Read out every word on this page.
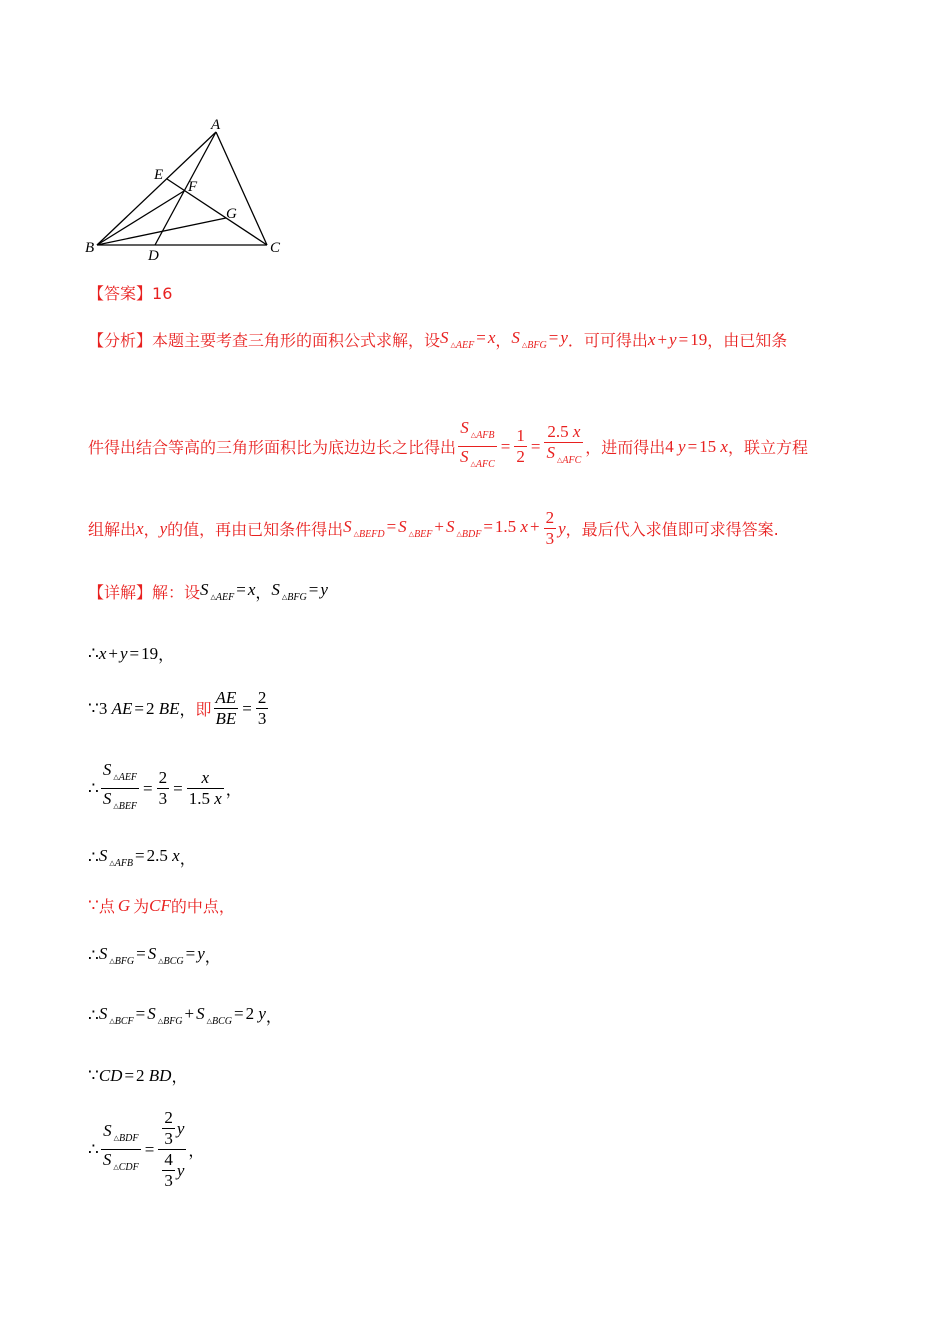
A
B	C
D
E
F
G
【答案】16
【分析】 本题主要考查三角形的面积公式求解，设 S $_{\triangle AEF}$ = x ， S $_{\triangle BFG}$ = y ．可可得出 x + y = 19 ，由已知条
件得出结合等高的三角形面积比为底边边长之比得出 $\frac{S _{\triangle AFB}}{S _{\triangle AFC}} = \frac{1}{2} = \frac{2.5 x}{S _{\triangle AFC}}$ ，进而得出 4 y = 15 x ，联立方程
组解出 x ， y 的值，再由已知条件得出 S $_{\triangle BEFD}$ = S $_{\triangle BEF}$ + S $_{\triangle BDF}$ = 1.5 $x + \frac{2}{3}$ y ，最后代入求值即可求得答案.
【详解】 解：设 S $_{\triangle AEF}$ = x ， S $_{\triangle BFG}$ = y
∴ x + y = 19 ，
∵ 3 AE = 2 BE ， 即 $\frac{AE}{BE} = \frac{2}{3}$
∴ $\frac{S _{\triangle AEF}}{S _{\triangle BEF}} = \frac{2}{3} = \frac{x}{1.5 x}$ ，
∴ S $_{\triangle AFB}$ = 2.5 x ，
∵ 点 G 为 CF 的中点，
∴ S $_{\triangle BFG}$ = S $_{\triangle BCG}$ = y ，
∴ S $_{\triangle BCF}$ = S $_{\triangle BFG}$ + S $_{\triangle BCG}$ = 2 y ，
∵ CD = 2 BD ，
∴ $\frac{S _{\triangle BDF}}{S _{\triangle CDF}} = \frac{\frac{2}{3} y}{\frac{4}{3} y}$ ，
